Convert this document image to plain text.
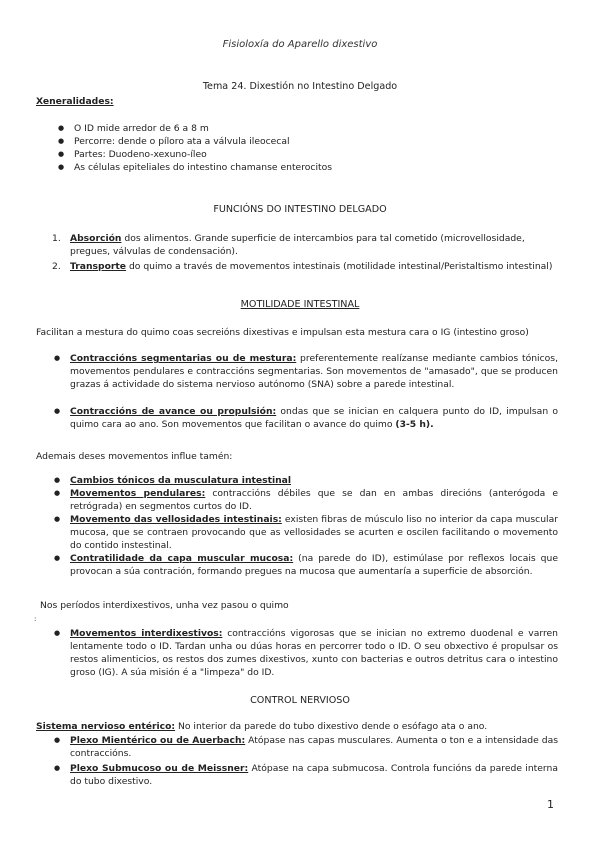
Fisioloxía do Aparello dixestivo
Tema 24. Dixestión no Intestino Delgado
Xeneralidades:
● O ID mide arredor de 6 a 8 m
● Percorre: dende o píloro ata a válvula ileocecal
● Partes: Duodeno-xexuno-íleo
● As células epiteliales do intestino chamanse enterocitos
FUNCIÓNS DO INTESTINO DELGADO
1. Absorción dos alimentos. Grande superficie de intercambios para tal cometido (microvellosidade, pregues, válvulas de condensación).
2. Transporte do quimo a través de movementos intestinais (motilidade intestinal/Peristaltismo intestinal)
MOTILIDADE INTESTINAL
Facilitan a mestura do quimo coas secreións dixestivas e impulsan esta mestura cara o IG (intestino groso)
● Contraccións segmentarias ou de mestura: preferentemente realízanse mediante cambios tónicos, movementos pendulares e contraccións segmentarias. Son movementos de "amasado", que se producen grazas á actividade do sistema nervioso autónomo (SNA) sobre a parede intestinal.
● Contraccións de avance ou propulsión: ondas que se inician en calquera punto do ID, impulsan o quimo cara ao ano. Son movementos que facilitan o avance do quimo (3-5 h).
Ademais deses movementos influe tamén:
● Cambios tónicos da musculatura intestinal
● Movementos pendulares: contraccións débiles que se dan en ambas direcións (anterógoda e retrógrada) en segmentos curtos do ID.
● Movemento das vellosidades intestinais: existen fibras de músculo liso no interior da capa muscular mucosa, que se contraen provocando que as vellosidades se acurten e oscilen facilitando o movemento do contido instestinal.
● Contratilidade da capa muscular mucosa: (na parede do ID), estimúlase por reflexos locais que provocan a súa contración, formando pregues na mucosa que aumentaría a superficie de absorción.
Nos períodos interdixestivos, unha vez pasou o quimo
:
● Movementos interdixestivos: contraccións vigorosas que se inician no extremo duodenal e varren lentamente todo o ID. Tardan unha ou dúas horas en percorrer todo o ID. O seu obxectivo é propulsar os restos alimenticios, os restos dos zumes dixestivos, xunto con bacterias e outros detritus cara o intestino groso (IG). A súa misión é a "limpeza" do ID.
CONTROL NERVIOSO
Sistema nervioso entérico: No interior da parede do tubo dixestivo dende o esófago ata o ano.
● Plexo Mientérico ou de Auerbach: Atópase nas capas musculares. Aumenta o ton e a intensidade das contraccións.
● Plexo Submucoso ou de Meissner: Atópase na capa submucosa. Controla funcións da parede interna do tubo dixestivo.
1
